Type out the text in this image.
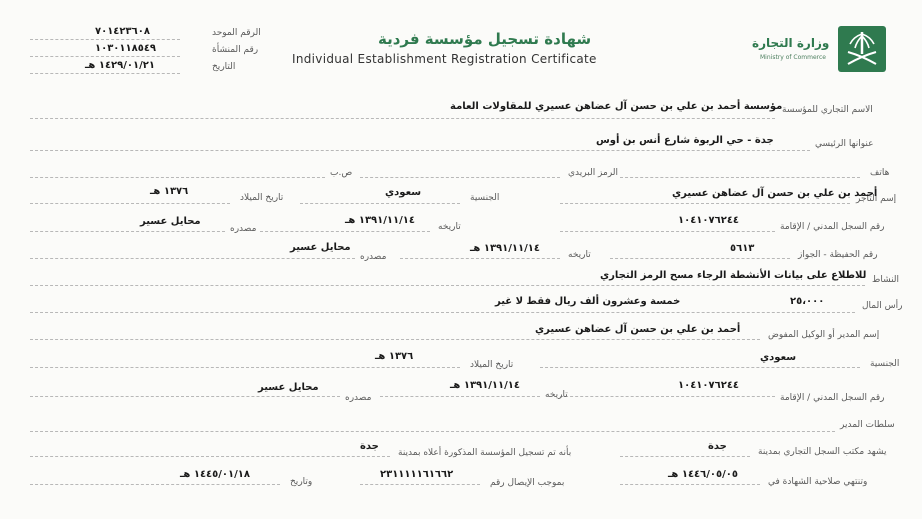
وزارة التجارة
Ministry of Commerce
شهادة تسجيل مؤسسة فردية
Individual Establishment Registration Certificate
الرقم الموحد
٧٠١٤٢٣٦٠٨
رقم المنشأة
١٠٣٠١١٨٥٤٩
التاريخ
١٤٢٩/٠١/٢١ هـ
الاسم التجاري للمؤسسة
مؤسسة أحمد بن علي بن حسن آل عضاهن عسيري للمقاولات العامة
عنوانها الرئيسي
جدة - حي الربوة شارع أنس بن أوس
هاتف
الرمز البريدي
ص.ب
إسم التاجر
أحمد بن علي بن حسن آل عضاهن عسيري
الجنسية
سعودي
تاريخ الميلاد
١٣٧٦ هـ
رقم السجل المدني / الإقامة
١٠٤١٠٧٦٢٤٤
تاريخه
١٣٩١/١١/١٤ هـ
مصدره
محايل عسير
رقم الحفيظة - الجواز
٥٦١٣
تاريخه
١٣٩١/١١/١٤ هـ
مصدره
محايل عسير
النشاط
للاطلاع على بيانات الأنشطة الرجاء مسح الرمز التجاري
رأس المال
٢٥،٠٠٠
خمسة وعشرون ألف ريال فقط لا غير
إسم المدير أو الوكيل المفوض
أحمد بن علي بن حسن آل عضاهن عسيري
الجنسية
سعودي
تاريخ الميلاد
١٣٧٦ هـ
رقم السجل المدني / الإقامة
١٠٤١٠٧٦٢٤٤
تاريخه
١٣٩١/١١/١٤ هـ
مصدره
محايل عسير
سلطات المدير
يشهد مكتب السجل التجاري بمدينة
جدة
بأنه تم تسجيل المؤسسة المذكورة أعلاه بمدينة
جدة
وتنتهي صلاحية الشهادة في
١٤٤٦/٠٥/٠٥ هـ
بموجب الإيصال رقم
٢٣١١١١١٦١٦٦٢
وتاريخ
١٤٤٥/٠١/١٨ هـ
